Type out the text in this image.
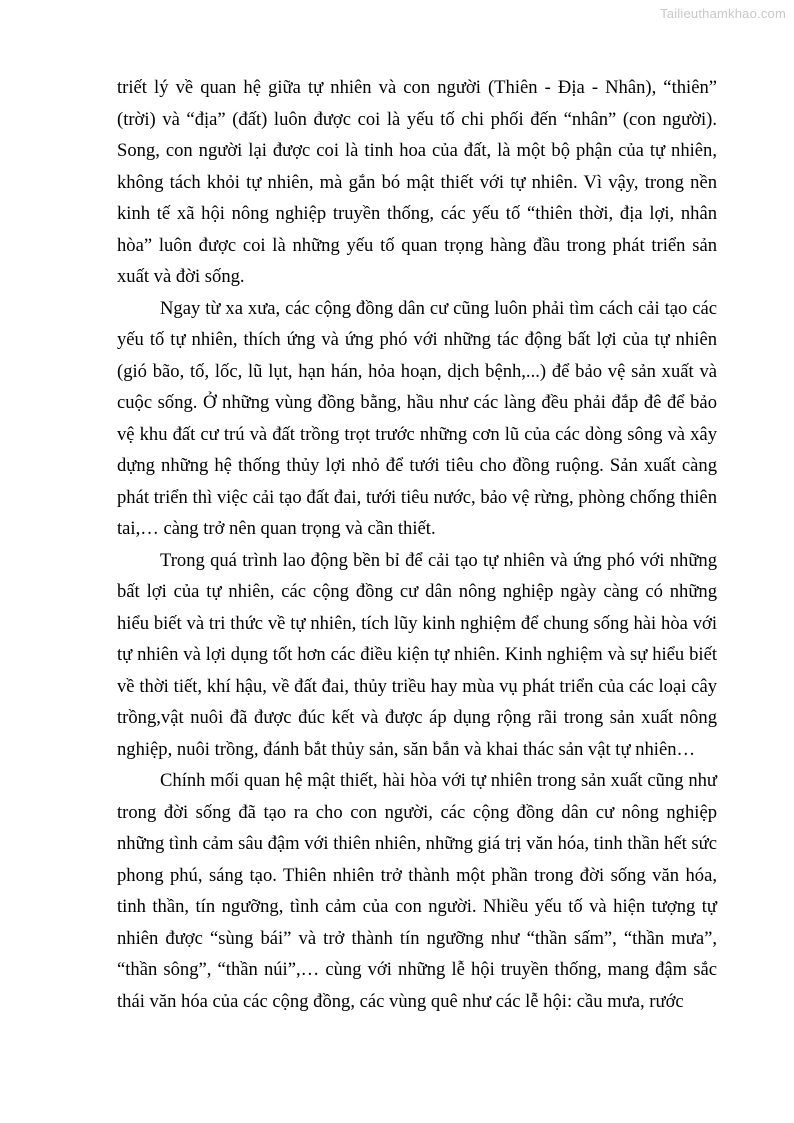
Tailieuthamkhao.com

triết lý về quan hệ giữa tự nhiên và con người (Thiên - Địa - Nhân), “thiên” (trời) và “địa” (đất) luôn được coi là yếu tố chi phối đến “nhân” (con người). Song, con người lại được coi là tinh hoa của đất, là một bộ phận của tự nhiên, không tách khỏi tự nhiên, mà gắn bó mật thiết với tự nhiên. Vì vậy, trong nền kinh tế xã hội nông nghiệp truyền thống, các yếu tố “thiên thời, địa lợi, nhân hòa” luôn được coi là những yếu tố quan trọng hàng đầu trong phát triển sản xuất và đời sống.

Ngay từ xa xưa, các cộng đồng dân cư cũng luôn phải tìm cách cải tạo các yếu tố tự nhiên, thích ứng và ứng phó với những tác động bất lợi của tự nhiên (gió bão, tố, lốc, lũ lụt, hạn hán, hỏa hoạn, dịch bệnh,...) để bảo vệ sản xuất và cuộc sống. Ở những vùng đồng bằng, hầu như các làng đều phải đắp đê để bảo vệ khu đất cư trú và đất trồng trọt trước những cơn lũ của các dòng sông và xây dựng những hệ thống thủy lợi nhỏ để tưới tiêu cho đồng ruộng. Sản xuất càng phát triển thì việc cải tạo đất đai, tưới tiêu nước, bảo vệ rừng, phòng chống thiên tai,… càng trở nên quan trọng và cần thiết.

Trong quá trình lao động bền bỉ để cải tạo tự nhiên và ứng phó với những bất lợi của tự nhiên, các cộng đồng cư dân nông nghiệp ngày càng có những hiểu biết và tri thức về tự nhiên, tích lũy kinh nghiệm để chung sống hài hòa với tự nhiên và lợi dụng tốt hơn các điều kiện tự nhiên. Kinh nghiệm và sự hiểu biết về thời tiết, khí hậu, về đất đai, thủy triều hay mùa vụ phát triển của các loại cây trồng,vật nuôi đã được đúc kết và được áp dụng rộng rãi trong sản xuất nông nghiệp, nuôi trồng, đánh bắt thủy sản, săn bắn và khai thác sản vật tự nhiên…

Chính mối quan hệ mật thiết, hài hòa với tự nhiên trong sản xuất cũng như trong đời sống đã tạo ra cho con người, các cộng đồng dân cư nông nghiệp những tình cảm sâu đậm với thiên nhiên, những giá trị văn hóa, tinh thần hết sức phong phú, sáng tạo. Thiên nhiên trở thành một phần trong đời sống văn hóa, tinh thần, tín ngưỡng, tình cảm của con người. Nhiều yếu tố và hiện tượng tự nhiên được “sùng bái” và trở thành tín ngưỡng như “thần sấm”, “thần mưa”, “thần sông”, “thần núi”,… cùng với những lễ hội truyền thống, mang đậm sắc thái văn hóa của các cộng đồng, các vùng quê như các lễ hội: cầu mưa, rước
